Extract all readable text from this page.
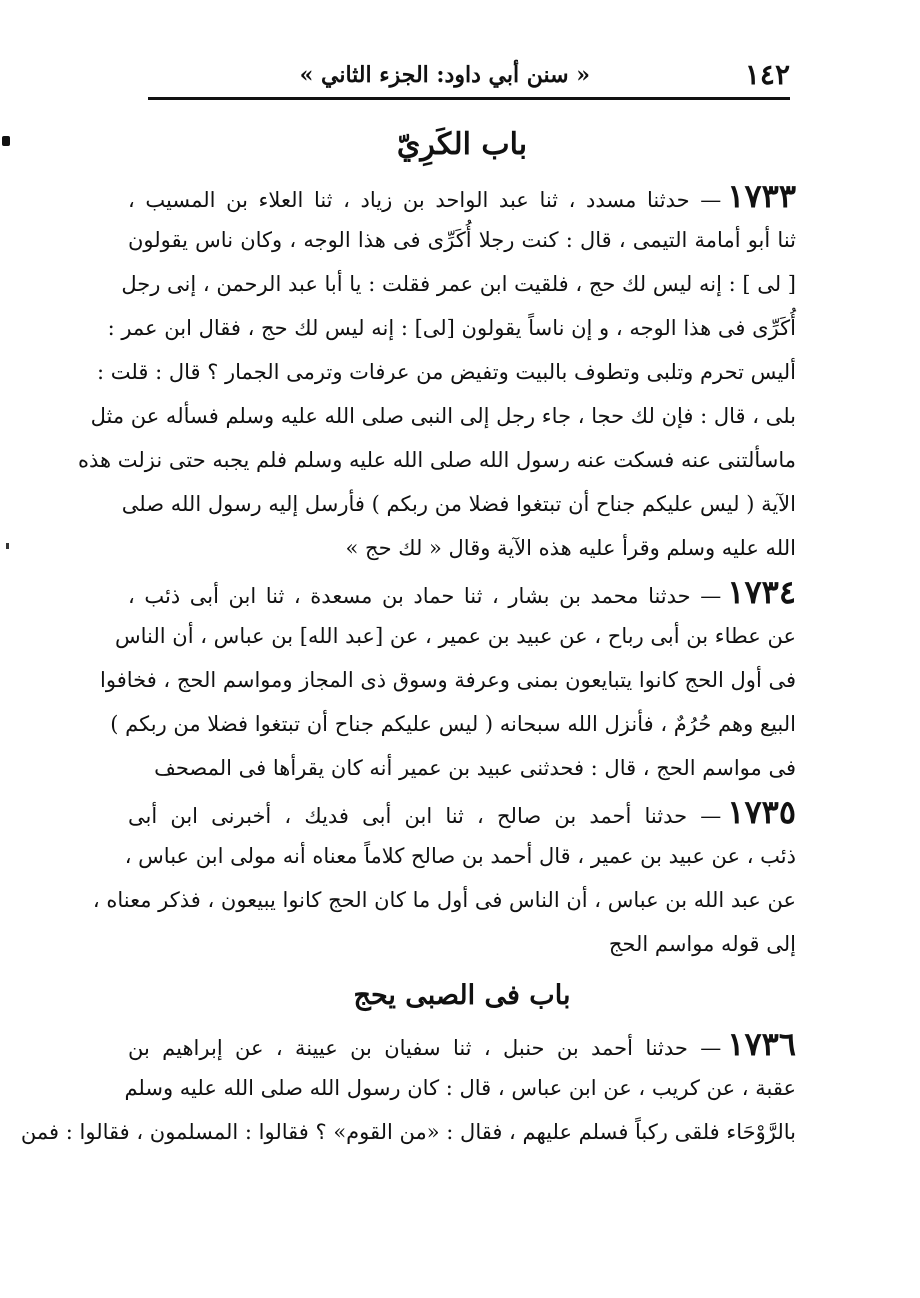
١٤٢
« سنن أبي داود: الجزء الثاني »
باب الكَرِيّ
١٧٣٣— حدثنا مسدد ، ثنا عبد الواحد بن زياد ، ثنا العلاء بن المسيب ،
ثنا أبو أمامة التيمى ، قال : كنت رجلا أُكَرِّى فى هذا الوجه ، وكان ناس يقولون
[ لى ] : إنه ليس لك حج ، فلقيت ابن عمر فقلت : يا أبا عبد الرحمن ، إنى رجل
أُكَرِّى فى هذا الوجه ، و إن ناساً يقولون [لى] : إنه ليس لك حج ، فقال ابن عمر :
أليس تحرم وتلبى وتطوف بالبيت وتفيض من عرفات وترمى الجمار ؟ قال : قلت :
بلى ، قال : فإن لك حجا ، جاء رجل إلى النبى صلى الله عليه وسلم فسأله عن مثل
ماسألتنى عنه فسكت عنه رسول الله صلى الله عليه وسلم فلم يجبه حتى نزلت هذه
الآية ( ليس عليكم جناح أن تبتغوا فضلا من ربكم ) فأرسل إليه رسول الله صلى
الله عليه وسلم وقرأ عليه هذه الآية وقال « لك حج »
١٧٣٤— حدثنا محمد بن بشار ، ثنا حماد بن مسعدة ، ثنا ابن أبى ذئب ،
عن عطاء بن أبى رباح ، عن عبيد بن عمير ، عن [عبد الله] بن عباس ، أن الناس
فى أول الحج كانوا يتبايعون بمنى وعرفة وسوق ذى المجاز ومواسم الحج ، فخافوا
البيع وهم حُرُمٌ ، فأنزل الله سبحانه ( ليس عليكم جناح أن تبتغوا فضلا من ربكم )
فى مواسم الحج ، قال : فحدثنى عبيد بن عمير أنه كان يقرأها فى المصحف
١٧٣٥— حدثنا أحمد بن صالح ، ثنا ابن أبى فديك ، أخبرنى ابن أبى
ذئب ، عن عبيد بن عمير ، قال أحمد بن صالح كلاماً معناه أنه مولى ابن عباس ،
عن عبد الله بن عباس ، أن الناس فى أول ما كان الحج كانوا يبيعون ، فذكر معناه ،
إلى قوله مواسم الحج
باب فى الصبى يحج
١٧٣٦— حدثنا أحمد بن حنبل ، ثنا سفيان بن عيينة ، عن إبراهيم بن
عقبة ، عن كريب ، عن ابن عباس ، قال : كان رسول الله صلى الله عليه وسلم
بالرَّوْحَاء فلقى ركباً فسلم عليهم ، فقال : «من القوم» ؟ فقالوا : المسلمون ، فقالوا : فمن
